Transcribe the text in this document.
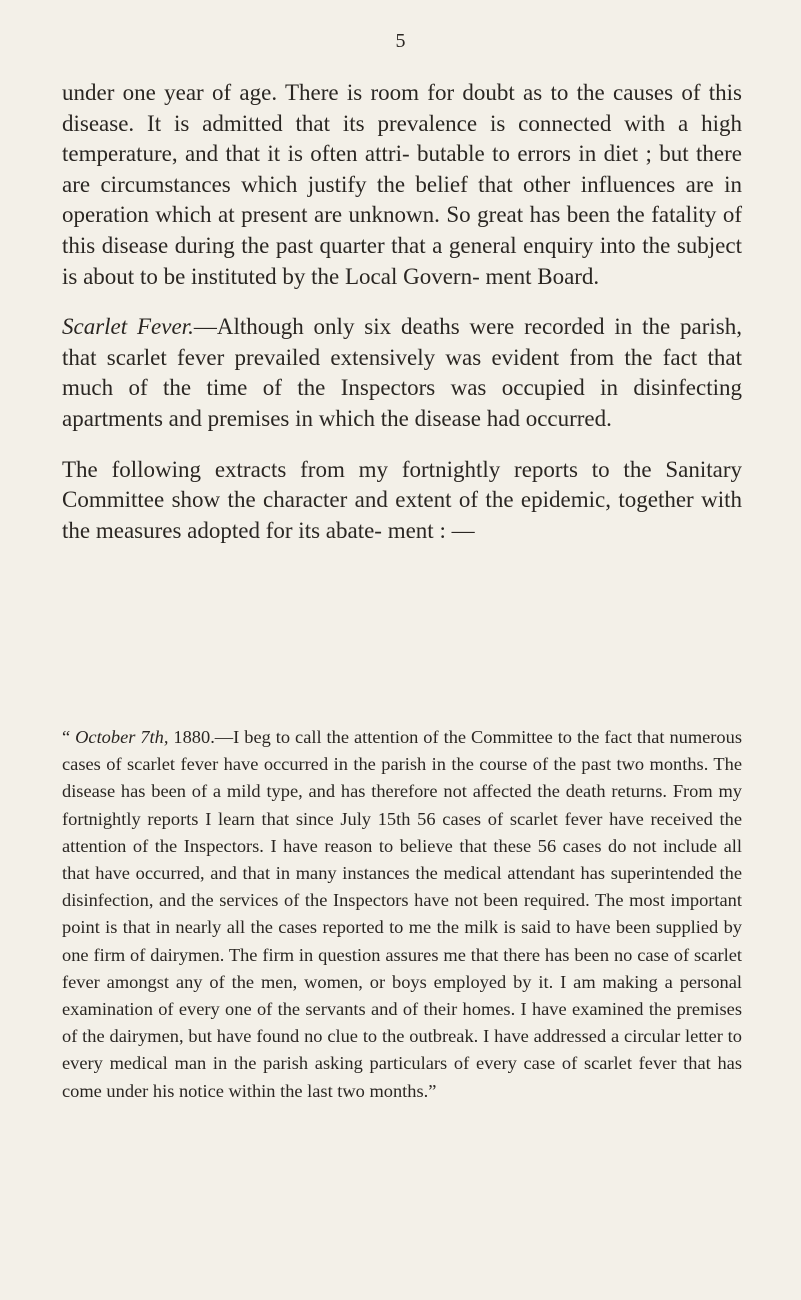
5

under one year of age. There is room for doubt as to the causes of this disease. It is admitted that its prevalence is connected with a high temperature, and that it is often attri- butable to errors in diet ; but there are circumstances which justify the belief that other influences are in operation which at present are unknown. So great has been the fatality of this disease during the past quarter that a general enquiry into the subject is about to be instituted by the Local Govern- ment Board.

Scarlet Fever.—Although only six deaths were recorded in the parish, that scarlet fever prevailed extensively was evident from the fact that much of the time of the Inspectors was occupied in disinfecting apartments and premises in which the disease had occurred.

The following extracts from my fortnightly reports to the Sanitary Committee show the character and extent of the epidemic, together with the measures adopted for its abate- ment : —

“ October 7th, 1880.—I beg to call the attention of the Committee to the fact that numerous cases of scarlet fever have occurred in the parish in the course of the past two months. The disease has been of a mild type, and has therefore not affected the death returns. From my fortnightly reports I learn that since July 15th 56 cases of scarlet fever have received the attention of the Inspectors. I have reason to believe that these 56 cases do not include all that have occurred, and that in many instances the medical attendant has superintended the disinfection, and the services of the Inspectors have not been required. The most important point is that in nearly all the cases reported to me the milk is said to have been supplied by one firm of dairymen. The firm in question assures me that there has been no case of scarlet fever amongst any of the men, women, or boys employed by it. I am making a personal examination of every one of the servants and of their homes. I have examined the premises of the dairymen, but have found no clue to the outbreak. I have addressed a circular letter to every medical man in the parish asking particulars of every case of scarlet fever that has come under his notice within the last two months.”
